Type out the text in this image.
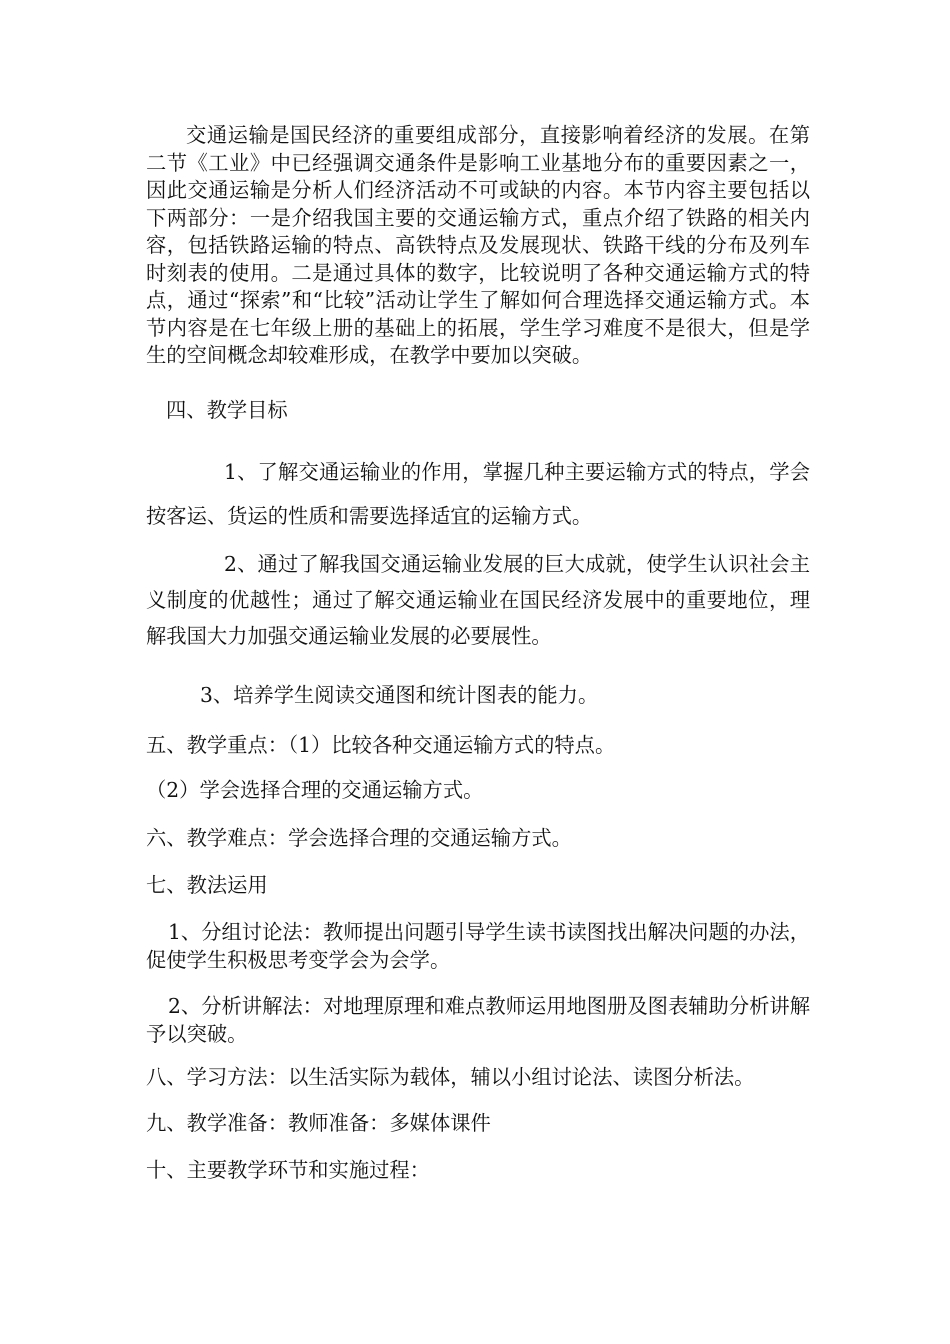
交通运输是国民经济的重要组成部分，直接影响着经济的发展。在第二节《工业》中已经强调交通条件是影响工业基地分布的重要因素之一，因此交通运输是分析人们经济活动不可或缺的内容。本节内容主要包括以下两部分：一是介绍我国主要的交通运输方式，重点介绍了铁路的相关内容，包括铁路运输的特点、高铁特点及发展现状、铁路干线的分布及列车时刻表的使用。二是通过具体的数字，比较说明了各种交通运输方式的特点，通过“探索”和“比较”活动让学生了解如何合理选择交通运输方式。本节内容是在七年级上册的基础上的拓展，学生学习难度不是很大，但是学生的空间概念却较难形成，在教学中要加以突破。

四、教学目标

1、了解交通运输业的作用，掌握几种主要运输方式的特点，学会按客运、货运的性质和需要选择适宜的运输方式。

2、通过了解我国交通运输业发展的巨大成就，使学生认识社会主义制度的优越性；通过了解交通运输业在国民经济发展中的重要地位，理解我国大力加强交通运输业发展的必要展性。

3、培养学生阅读交通图和统计图表的能力。

五、教学重点：（1）比较各种交通运输方式的特点。

（2）学会选择合理的交通运输方式。

六、教学难点：学会选择合理的交通运输方式。

七、教法运用

1、分组讨论法：教师提出问题引导学生读书读图找出解决问题的办法，促使学生积极思考变学会为会学。

2、分析讲解法：对地理原理和难点教师运用地图册及图表辅助分析讲解予以突破。

八、学习方法：以生活实际为载体，辅以小组讨论法、读图分析法。

九、教学准备：教师准备：多媒体课件

十、主要教学环节和实施过程：
